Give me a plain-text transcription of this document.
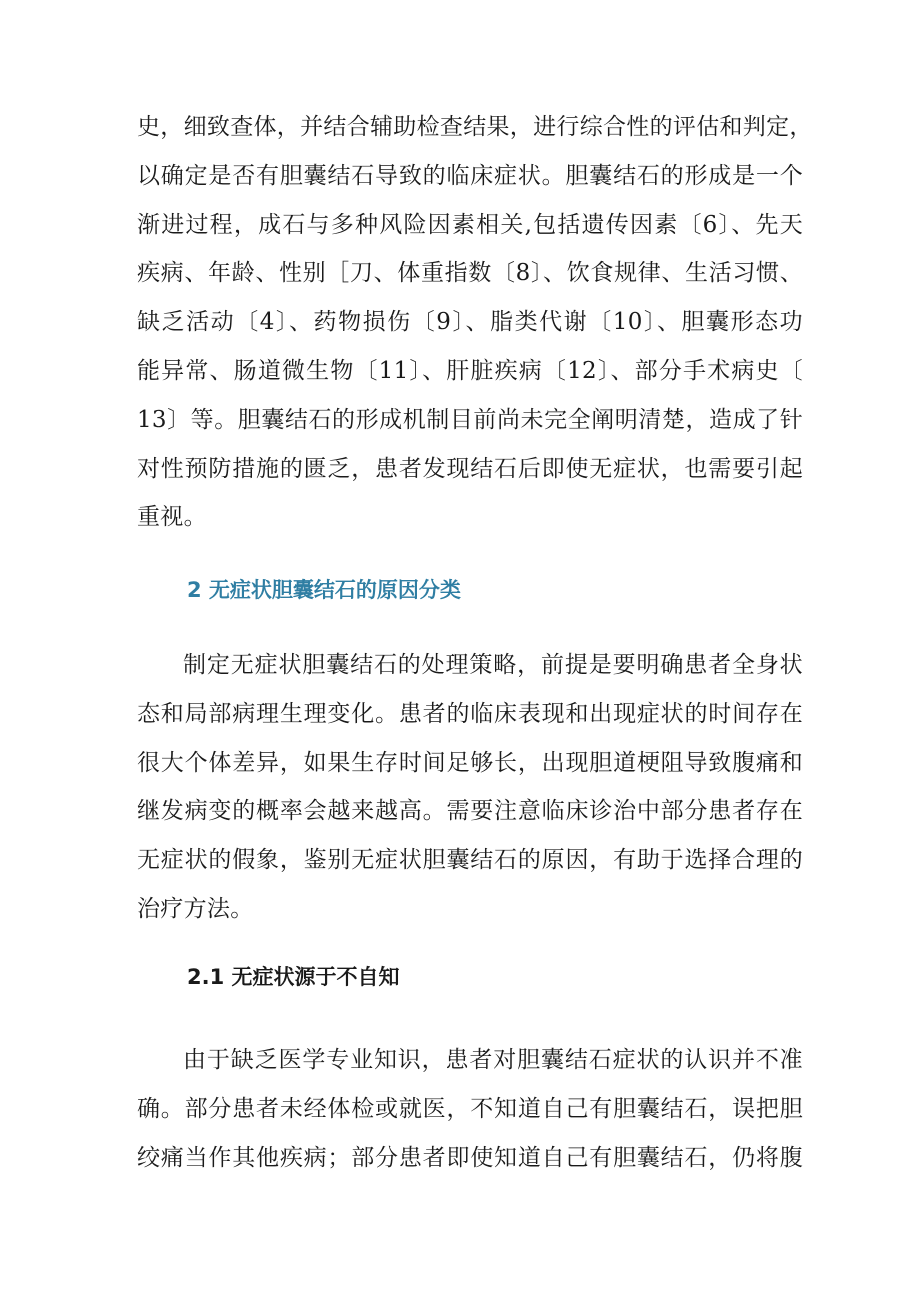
史，细致查体，并结合辅助检查结果，进行综合性的评估和判定，
以确定是否有胆囊结石导致的临床症状。胆囊结石的形成是一个
渐进过程，成石与多种风险因素相关,包括遗传因素〔6〕、先天
疾病、年龄、性别［刀、体重指数〔8〕、饮食规律、生活习惯、
缺乏活动〔4〕、药物损伤〔9〕、脂类代谢〔10〕、胆囊形态功
能异常、肠道微生物〔11〕、肝脏疾病〔12〕、部分手术病史〔
13〕等。胆囊结石的形成机制目前尚未完全阐明清楚，造成了针
对性预防措施的匮乏，患者发现结石后即使无症状，也需要引起
重视。
2 无症状胆囊结石的原因分类
制定无症状胆囊结石的处理策略，前提是要明确患者全身状
态和局部病理生理变化。患者的临床表现和出现症状的时间存在
很大个体差异，如果生存时间足够长，出现胆道梗阻导致腹痛和
继发病变的概率会越来越高。需要注意临床诊治中部分患者存在
无症状的假象，鉴别无症状胆囊结石的原因，有助于选择合理的
治疗方法。
2.1 无症状源于不自知
由于缺乏医学专业知识，患者对胆囊结石症状的认识并不准
确。部分患者未经体检或就医，不知道自己有胆囊结石，误把胆
绞痛当作其他疾病；部分患者即使知道自己有胆囊结石，仍将腹
